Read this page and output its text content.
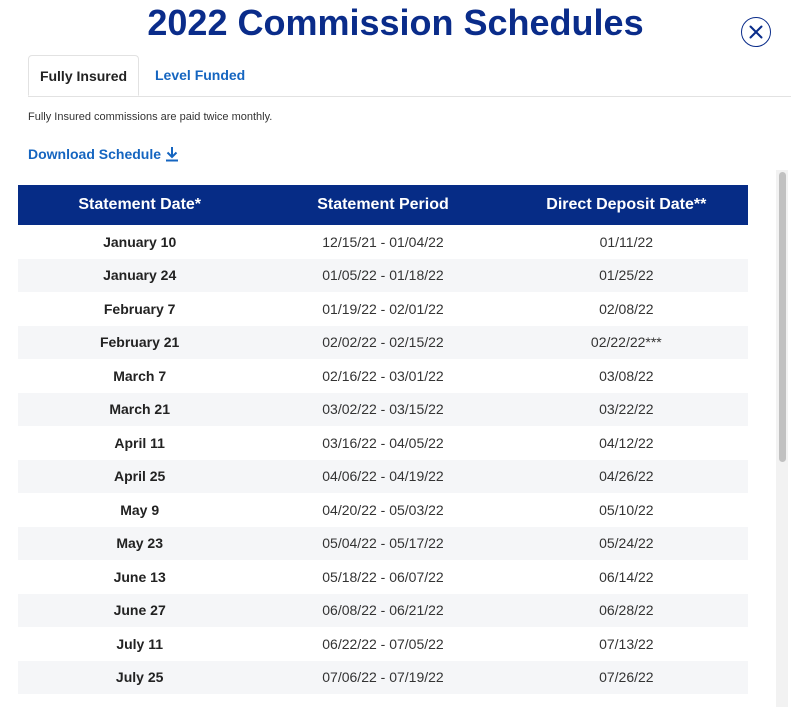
2022 Commission Schedules
Fully Insured	Level Funded
Fully Insured commissions are paid twice monthly.
Download Schedule
Statement Date*	Statement Period	Direct Deposit Date**
January 10	12/15/21 - 01/04/22	01/11/22
January 24	01/05/22 - 01/18/22	01/25/22
February 7	01/19/22 - 02/01/22	02/08/22
February 21	02/02/22 - 02/15/22	02/22/22***
March 7	02/16/22 - 03/01/22	03/08/22
March 21	03/02/22 - 03/15/22	03/22/22
April 11	03/16/22 - 04/05/22	04/12/22
April 25	04/06/22 - 04/19/22	04/26/22
May 9	04/20/22 - 05/03/22	05/10/22
May 23	05/04/22 - 05/17/22	05/24/22
June 13	05/18/22 - 06/07/22	06/14/22
June 27	06/08/22 - 06/21/22	06/28/22
July 11	06/22/22 - 07/05/22	07/13/22
July 25	07/06/22 - 07/19/22	07/26/22
